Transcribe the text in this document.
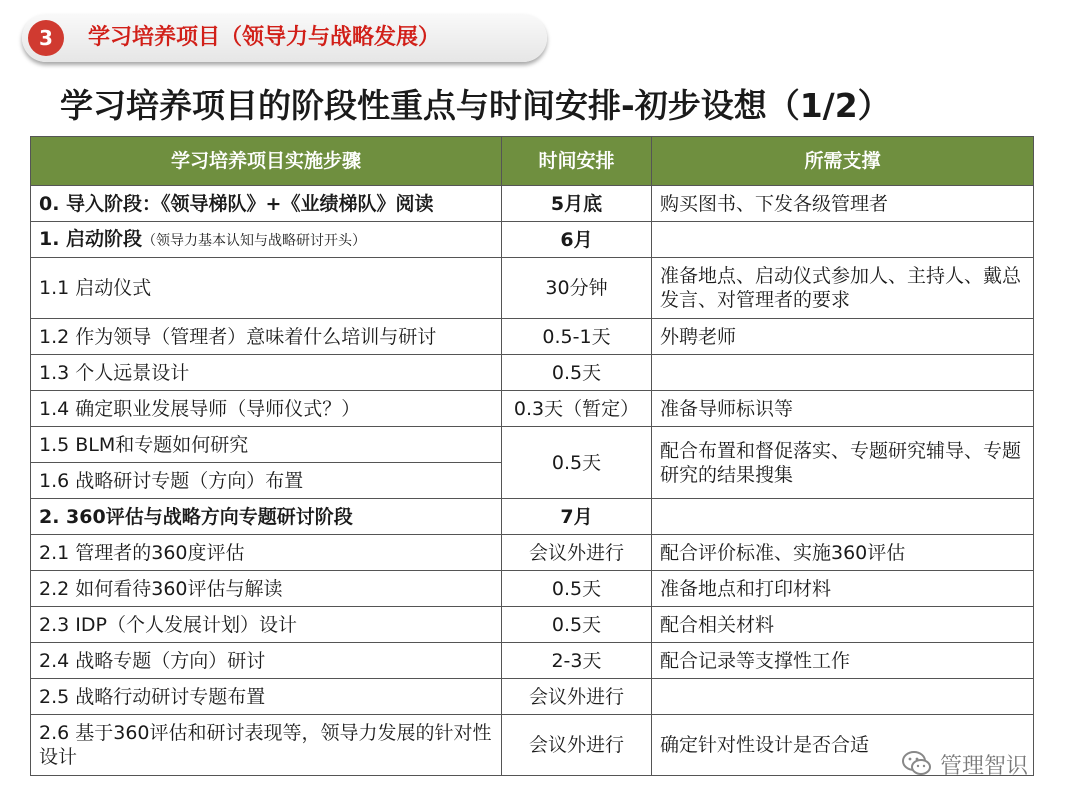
3	学习培养项目（领导力与战略发展）
学习培养项目的阶段性重点与时间安排-初步设想（1/2）
学习培养项目实施步骤	时间安排	所需支撑
0. 导入阶段：《领导梯队》+《业绩梯队》阅读	5月底	购买图书、下发各级管理者
1. 启动阶段（领导力基本认知与战略研讨开头）	6月	
1.1 启动仪式	30分钟	准备地点、启动仪式参加人、主持人、戴总发言、对管理者的要求
1.2 作为领导（管理者）意味着什么培训与研讨	0.5-1天	外聘老师
1.3 个人远景设计	0.5天	
1.4 确定职业发展导师（导师仪式？）	0.3天（暂定）	准备导师标识等
1.5 BLM和专题如何研究	0.5天	配合布置和督促落实、专题研究辅导、专题研究的结果搜集
1.6 战略研讨专题（方向）布置		
2. 360评估与战略方向专题研讨阶段	7月	
2.1 管理者的360度评估	会议外进行	配合评价标准、实施360评估
2.2 如何看待360评估与解读	0.5天	准备地点和打印材料
2.3 IDP（个人发展计划）设计	0.5天	配合相关材料
2.4 战略专题（方向）研讨	2-3天	配合记录等支撑性工作
2.5 战略行动研讨专题布置	会议外进行	
2.6 基于360评估和研讨表现等，领导力发展的针对性设计	会议外进行	确定针对性设计是否合适
管理智识
